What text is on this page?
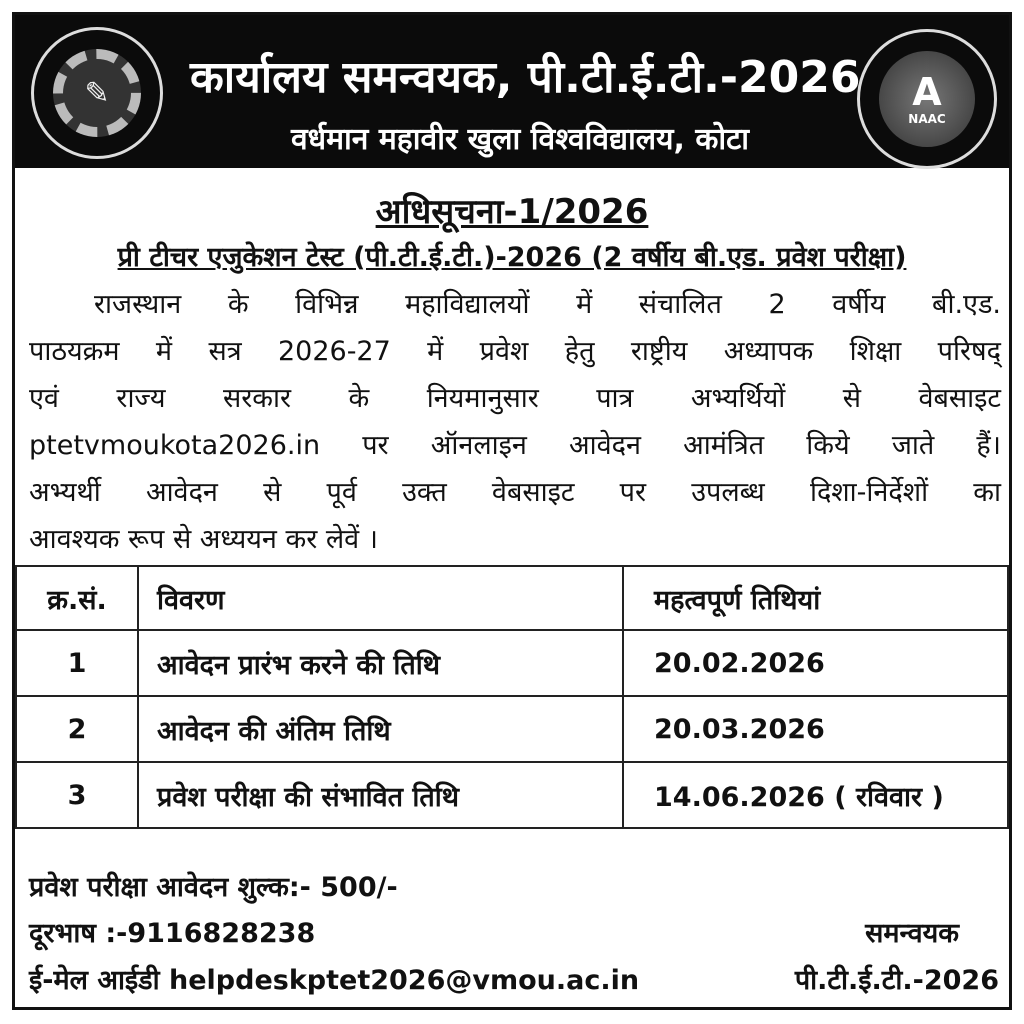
✎	कार्यालय समन्वयक, पी.टी.ई.टी.-2026
वर्धमान महावीर खुला विश्वविद्यालय, कोटा
A
NAAC
अधिसूचना-1/2026
प्री टीचर एजुकेशन टेस्ट (पी.टी.ई.टी.)-2026 (2 वर्षीय बी.एड. प्रवेश परीक्षा)
राजस्थान के विभिन्न महाविद्यालयों में संचालित 2 वर्षीय बी.एड.
पाठयक्रम में सत्र 2026-27 में प्रवेश हेतु राष्ट्रीय अध्यापक शिक्षा परिषद्
एवं राज्य सरकार के नियमानुसार पात्र अभ्यर्थियों से वेबसाइट
ptetvmoukota2026.in पर ऑनलाइन आवेदन आमंत्रित किये जाते हैं।
अभ्यर्थी आवेदन से पूर्व उक्त वेबसाइट पर उपलब्ध दिशा-निर्देशों का
आवश्यक रूप से अध्ययन कर लेवें ।
क्र.सं.	विवरण	महत्वपूर्ण तिथियां
1	आवेदन प्रारंभ करने की तिथि	20.02.2026
2	आवेदन की अंतिम तिथि	20.03.2026
3	प्रवेश परीक्षा की संभावित तिथि	14.06.2026 ( रविवार )
प्रवेश परीक्षा आवेदन शुल्क:- 500/-
दूरभाष :-9116828238
ई-मेल आईडी helpdeskptet2026@vmou.ac.in
समन्वयक
पी.टी.ई.टी.-2026
